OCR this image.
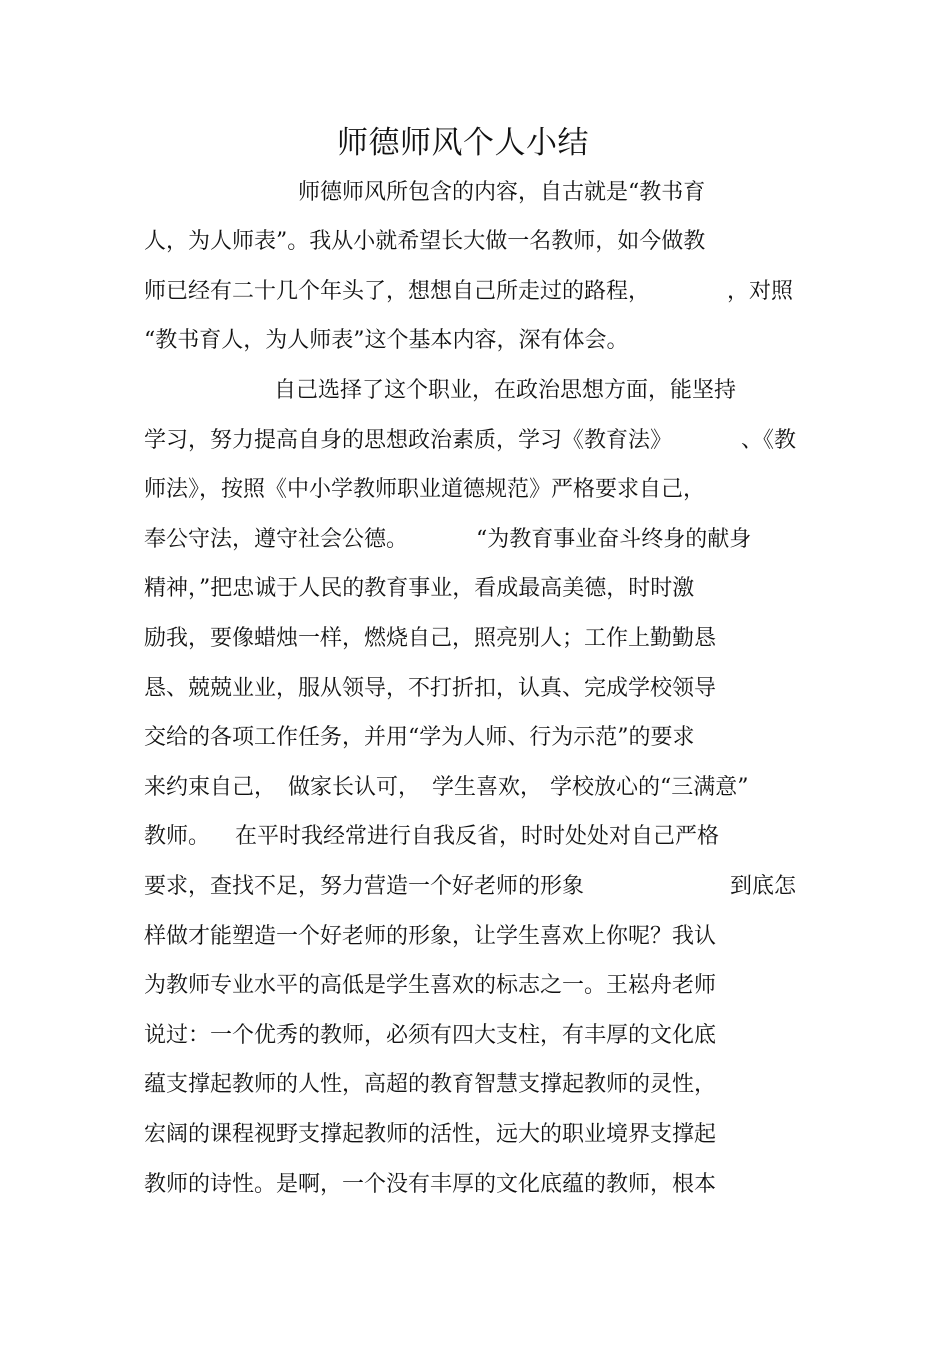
师德师风个人小结

师德师风所包含的内容，自古就是“教书育

人，为人师表”。我从小就希望长大做一名教师，如今做教

师已经有二十几个年头了，想想自己所走过的路程，	，对照

“教书育人，为人师表”这个基本内容，深有体会。

自己选择了这个职业，在政治思想方面，能坚持

学习，努力提高自身的思想政治素质，学习《教育法》	、《教

师法》，按照《中小学教师职业道德规范》严格要求自己，

奉公守法，遵守社会公德。	“为教育事业奋斗终身的献身

精神，”把忠诚于人民的教育事业，看成最高美德，时时激

励我，要像蜡烛一样，燃烧自己，照亮别人；工作上勤勤恳

恳、兢兢业业，服从领导，不打折扣，认真、完成学校领导

交给的各项工作任务，并用“学为人师、行为示范”的要求

来约束自己， 做家长认可， 学生喜欢， 学校放心的“三满意”

教师。 在平时我经常进行自我反省，时时处处对自己严格

要求，查找不足，努力营造一个好老师的形象	到底怎

样做才能塑造一个好老师的形象，让学生喜欢上你呢？我认

为教师专业水平的高低是学生喜欢的标志之一。王崧舟老师

说过：一个优秀的教师，必须有四大支柱，有丰厚的文化底

蕴支撑起教师的人性，高超的教育智慧支撑起教师的灵性，

宏阔的课程视野支撑起教师的活性，远大的职业境界支撑起

教师的诗性。是啊，一个没有丰厚的文化底蕴的教师，根本
